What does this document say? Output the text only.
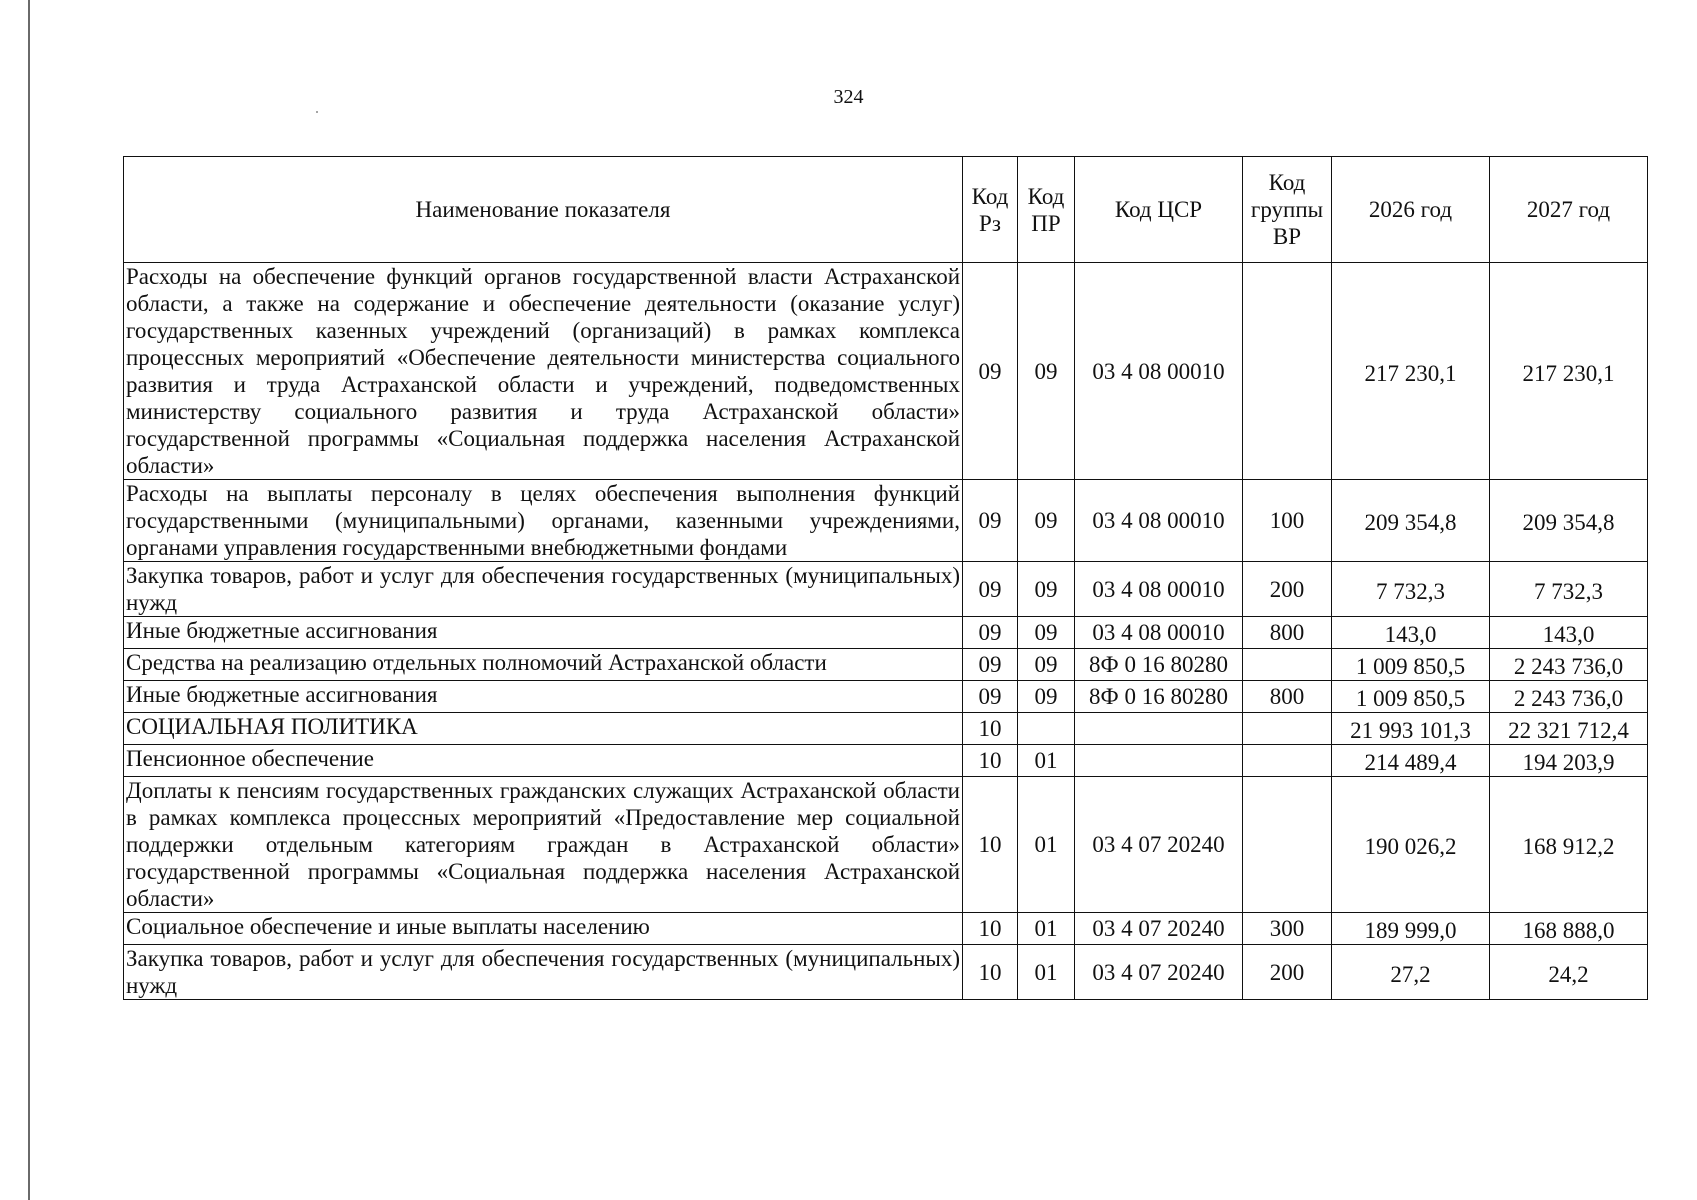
324
Наименование показателя	Код Рз	Код ПР	Код ЦСР	Код группы ВР	2026 год	2027 год
Расходы на обеспечение функций органов государственной власти Астраханской области, а также на содержание и обеспечение деятельности (оказание услуг) государственных казенных учреждений (организаций) в рамках комплекса процессных мероприятий «Обеспечение деятельности министерства социального развития и труда Астраханской области и учреждений, подведомственных министерству социального развития и труда Астраханской области» государственной программы «Социальная поддержка населения Астраханской области»	09	09	03 4 08 00010		217 230,1	217 230,1
Расходы на выплаты персоналу в целях обеспечения выполнения функций государственными (муниципальными) органами, казенными учреждениями, органами управления государственными внебюджетными фондами	09	09	03 4 08 00010	100	209 354,8	209 354,8
Закупка товаров, работ и услуг для обеспечения государственных (муниципальных) нужд	09	09	03 4 08 00010	200	7 732,3	7 732,3
Иные бюджетные ассигнования	09	09	03 4 08 00010	800	143,0	143,0
Средства на реализацию отдельных полномочий Астраханской области	09	09	8Ф 0 16 80280		1 009 850,5	2 243 736,0
Иные бюджетные ассигнования	09	09	8Ф 0 16 80280	800	1 009 850,5	2 243 736,0
СОЦИАЛЬНАЯ ПОЛИТИКА	10				21 993 101,3	22 321 712,4
Пенсионное обеспечение	10	01			214 489,4	194 203,9
Доплаты к пенсиям государственных гражданских служащих Астраханской области в рамках комплекса процессных мероприятий «Предоставление мер социальной поддержки отдельным категориям граждан в Астраханской области» государственной программы «Социальная поддержка населения Астраханской области»	10	01	03 4 07 20240		190 026,2	168 912,2
Социальное обеспечение и иные выплаты населению	10	01	03 4 07 20240	300	189 999,0	168 888,0
Закупка товаров, работ и услуг для обеспечения государственных (муниципальных) нужд	10	01	03 4 07 20240	200	27,2	24,2
